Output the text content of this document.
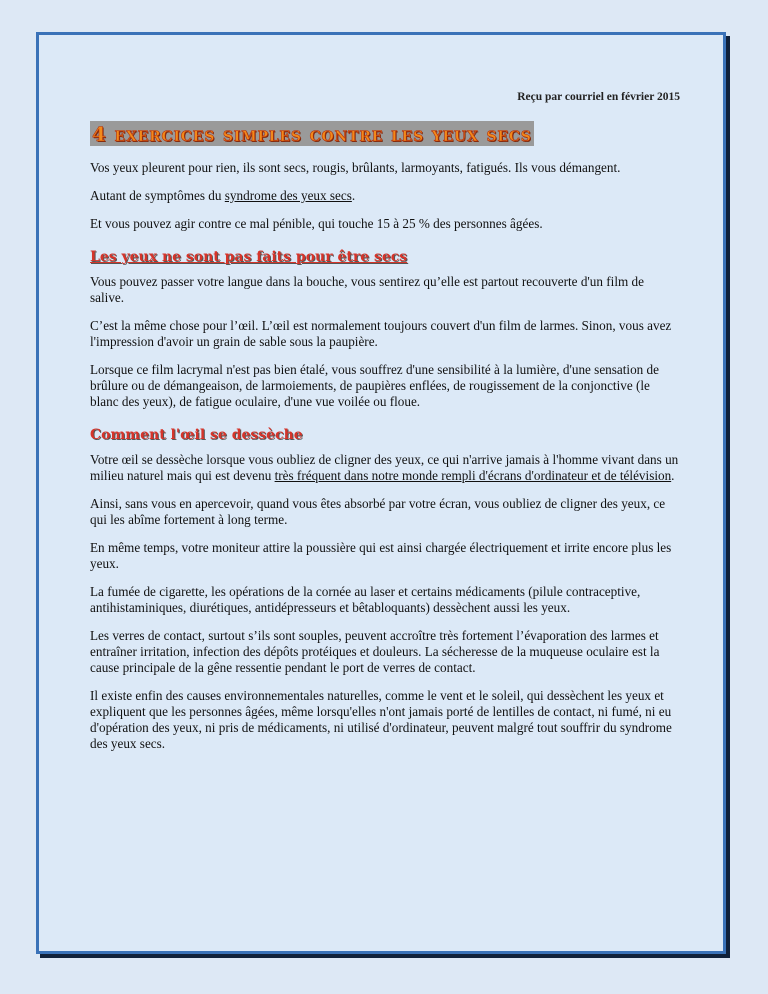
Reçu par courriel en février 2015
4 exercices simples contre les yeux secs

Vos yeux pleurent pour rien, ils sont secs, rougis, brûlants, larmoyants, fatigués. Ils vous démangent.

Autant de symptômes du syndrome des yeux secs.

Et vous pouvez agir contre ce mal pénible, qui touche 15 à 25 % des personnes âgées.

Les yeux ne sont pas faits pour être secs

Vous pouvez passer votre langue dans la bouche, vous sentirez qu’elle est partout recouverte d'un film de salive.

C’est la même chose pour l’œil. L’œil est normalement toujours couvert d'un film de larmes. Sinon, vous avez l'impression d'avoir un grain de sable sous la paupière.

Lorsque ce film lacrymal n'est pas bien étalé, vous souffrez d'une sensibilité à la lumière, d'une sensation de brûlure ou de démangeaison, de larmoiements, de paupières enflées, de rougissement de la conjonctive (le blanc des yeux), de fatigue oculaire, d'une vue voilée ou floue.

Comment l'œil se dessèche

Votre œil se dessèche lorsque vous oubliez de cligner des yeux, ce qui n'arrive jamais à l'homme vivant dans un milieu naturel mais qui est devenu très fréquent dans notre monde rempli d'écrans d'ordinateur et de télévision.

Ainsi, sans vous en apercevoir, quand vous êtes absorbé par votre écran, vous oubliez de cligner des yeux, ce qui les abîme fortement à long terme.

En même temps, votre moniteur attire la poussière qui est ainsi chargée électriquement et irrite encore plus les yeux.

La fumée de cigarette, les opérations de la cornée au laser et certains médicaments (pilule contraceptive, antihistaminiques, diurétiques, antidépresseurs et bêtabloquants) dessèchent aussi les yeux.

Les verres de contact, surtout s’ils sont souples, peuvent accroître très fortement l’évaporation des larmes et entraîner irritation, infection des dépôts protéiques et douleurs. La sécheresse de la muqueuse oculaire est la cause principale de la gêne ressentie pendant le port de verres de contact.

Il existe enfin des causes environnementales naturelles, comme le vent et le soleil, qui dessèchent les yeux et expliquent que les personnes âgées, même lorsqu'elles n'ont jamais porté de lentilles de contact, ni fumé, ni eu d'opération des yeux, ni pris de médicaments, ni utilisé d'ordinateur, peuvent malgré tout souffrir du syndrome des yeux secs.
